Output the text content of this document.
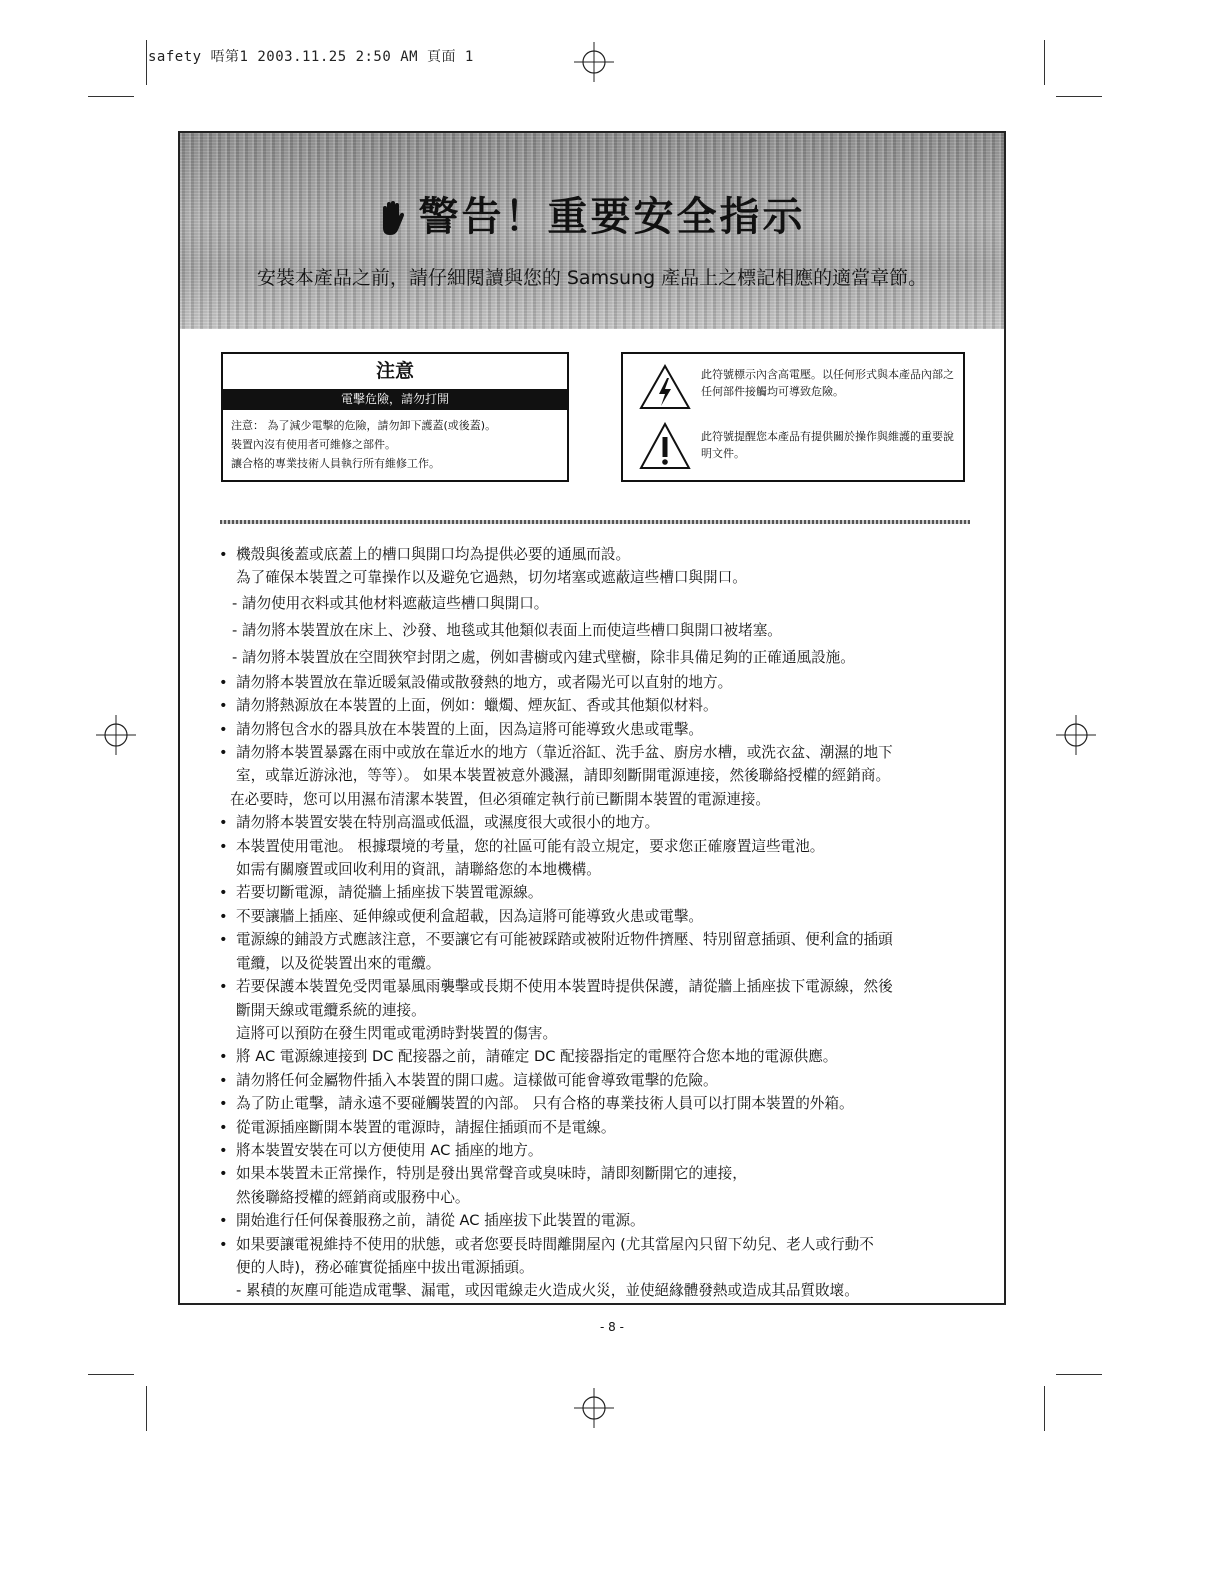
safety 唔第1 2003.11.25 2:50 AM 頁面 1
警告！重要安全指示
安裝本產品之前，請仔細閱讀與您的 Samsung 產品上之標記相應的適當章節。
注意
電擊危險，請勿打開
注意： 為了減少電擊的危險，請勿卸下護蓋(或後蓋)。
裝置內沒有使用者可維修之部件。
讓合格的專業技術人員執行所有維修工作。
此符號標示內含高電壓。以任何形式與本產品內部之任何部件接觸均可導致危險。
此符號提醒您本產品有提供關於操作與維護的重要說明文件。
• 機殼與後蓋或底蓋上的槽口與開口均為提供必要的通風而設。
為了確保本裝置之可靠操作以及避免它過熱，切勿堵塞或遮蔽這些槽口與開口。
- 請勿使用衣料或其他材料遮蔽這些槽口與開口。
- 請勿將本裝置放在床上、沙發、地毯或其他類似表面上而使這些槽口與開口被堵塞。
- 請勿將本裝置放在空間狹窄封閉之處，例如書櫥或內建式壁櫥，除非具備足夠的正確通風設施。
• 請勿將本裝置放在靠近暖氣設備或散發熱的地方，或者陽光可以直射的地方。
• 請勿將熱源放在本裝置的上面，例如：蠟燭、煙灰缸、香或其他類似材料。
• 請勿將包含水的器具放在本裝置的上面，因為這將可能導致火患或電擊。
• 請勿將本裝置暴露在雨中或放在靠近水的地方（靠近浴缸、洗手盆、廚房水槽，或洗衣盆、潮濕的地下
室，或靠近游泳池，等等）。 如果本裝置被意外濺濕，請即刻斷開電源連接，然後聯絡授權的經銷商。
在必要時，您可以用濕布清潔本裝置，但必須確定執行前已斷開本裝置的電源連接。
• 請勿將本裝置安裝在特別高溫或低溫，或濕度很大或很小的地方。
• 本裝置使用電池。 根據環境的考量，您的社區可能有設立規定，要求您正確廢置這些電池。
如需有關廢置或回收利用的資訊，請聯絡您的本地機構。
• 若要切斷電源，請從牆上插座拔下裝置電源線。
• 不要讓牆上插座、延伸線或便利盒超載，因為這將可能導致火患或電擊。
• 電源線的鋪設方式應該注意，不要讓它有可能被踩踏或被附近物件擠壓、特別留意插頭、便利盒的插頭
電纜，以及從裝置出來的電纜。
• 若要保護本裝置免受閃電暴風雨襲擊或長期不使用本裝置時提供保護，請從牆上插座拔下電源線，然後
斷開天線或電纜系統的連接。
這將可以預防在發生閃電或電湧時對裝置的傷害。
• 將 AC 電源線連接到 DC 配接器之前，請確定 DC 配接器指定的電壓符合您本地的電源供應。
• 請勿將任何金屬物件插入本裝置的開口處。這樣做可能會導致電擊的危險。
• 為了防止電擊，請永遠不要碰觸裝置的內部。 只有合格的專業技術人員可以打開本裝置的外箱。
• 從電源插座斷開本裝置的電源時，請握住插頭而不是電線。
• 將本裝置安裝在可以方便使用 AC 插座的地方。
• 如果本裝置未正常操作，特別是發出異常聲音或臭味時，請即刻斷開它的連接，
然後聯絡授權的經銷商或服務中心。
• 開始進行任何保養服務之前，請從 AC 插座拔下此裝置的電源。
• 如果要讓電視維持不使用的狀態，或者您要長時間離開屋內 (尤其當屋內只留下幼兒、老人或行動不
便的人時)，務必確實從插座中拔出電源插頭。
- 累積的灰塵可能造成電擊、漏電，或因電線走火造成火災，並使絕緣體發熱或造成其品質敗壞。
- 8 -
